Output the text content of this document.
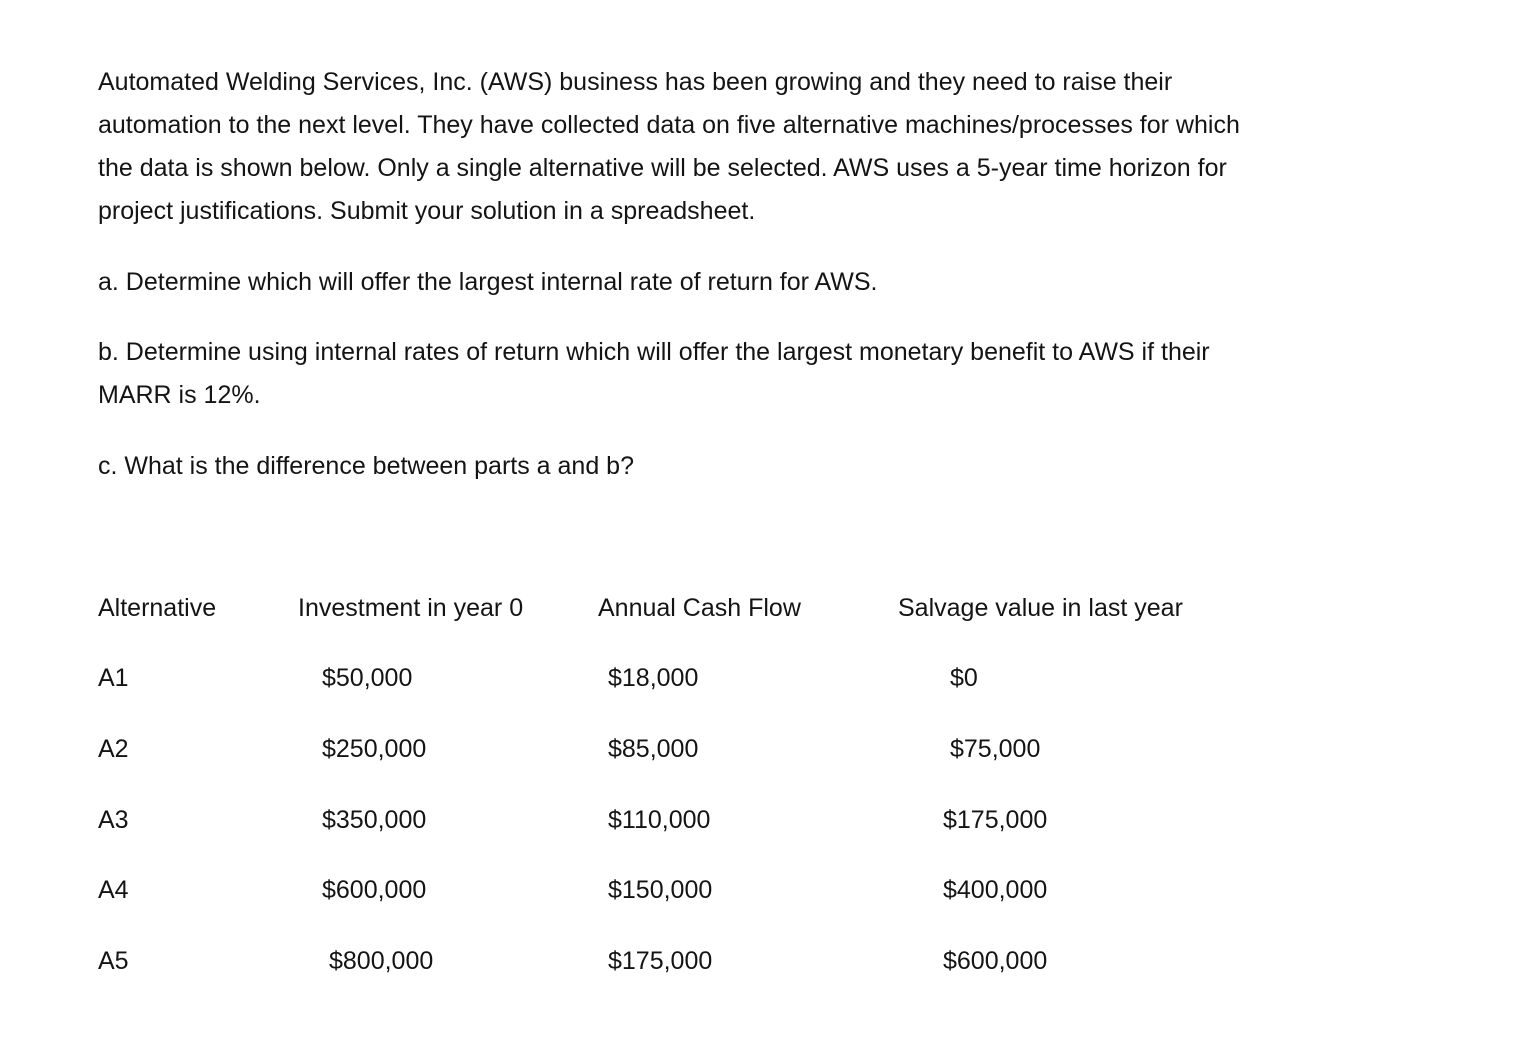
Automated Welding Services, Inc. (AWS) business has been growing and they need to raise their
automation to the next level. They have collected data on five alternative machines/processes for which
the data is shown below. Only a single alternative will be selected. AWS uses a 5-year time horizon for
project justifications. Submit your solution in a spreadsheet.

a. Determine which will offer the largest internal rate of return for AWS.

b. Determine using internal rates of return which will offer the largest monetary benefit to AWS if their
MARR is 12%.

c. What is the difference between parts a and b?

Alternative	Investment in year 0	Annual Cash Flow	Salvage value in last year
A1	$50,000	$18,000	$0
A2	$250,000	$85,000	$75,000
A3	$350,000	$110,000	$175,000
A4	$600,000	$150,000	$400,000
A5	$800,000	$175,000	$600,000
